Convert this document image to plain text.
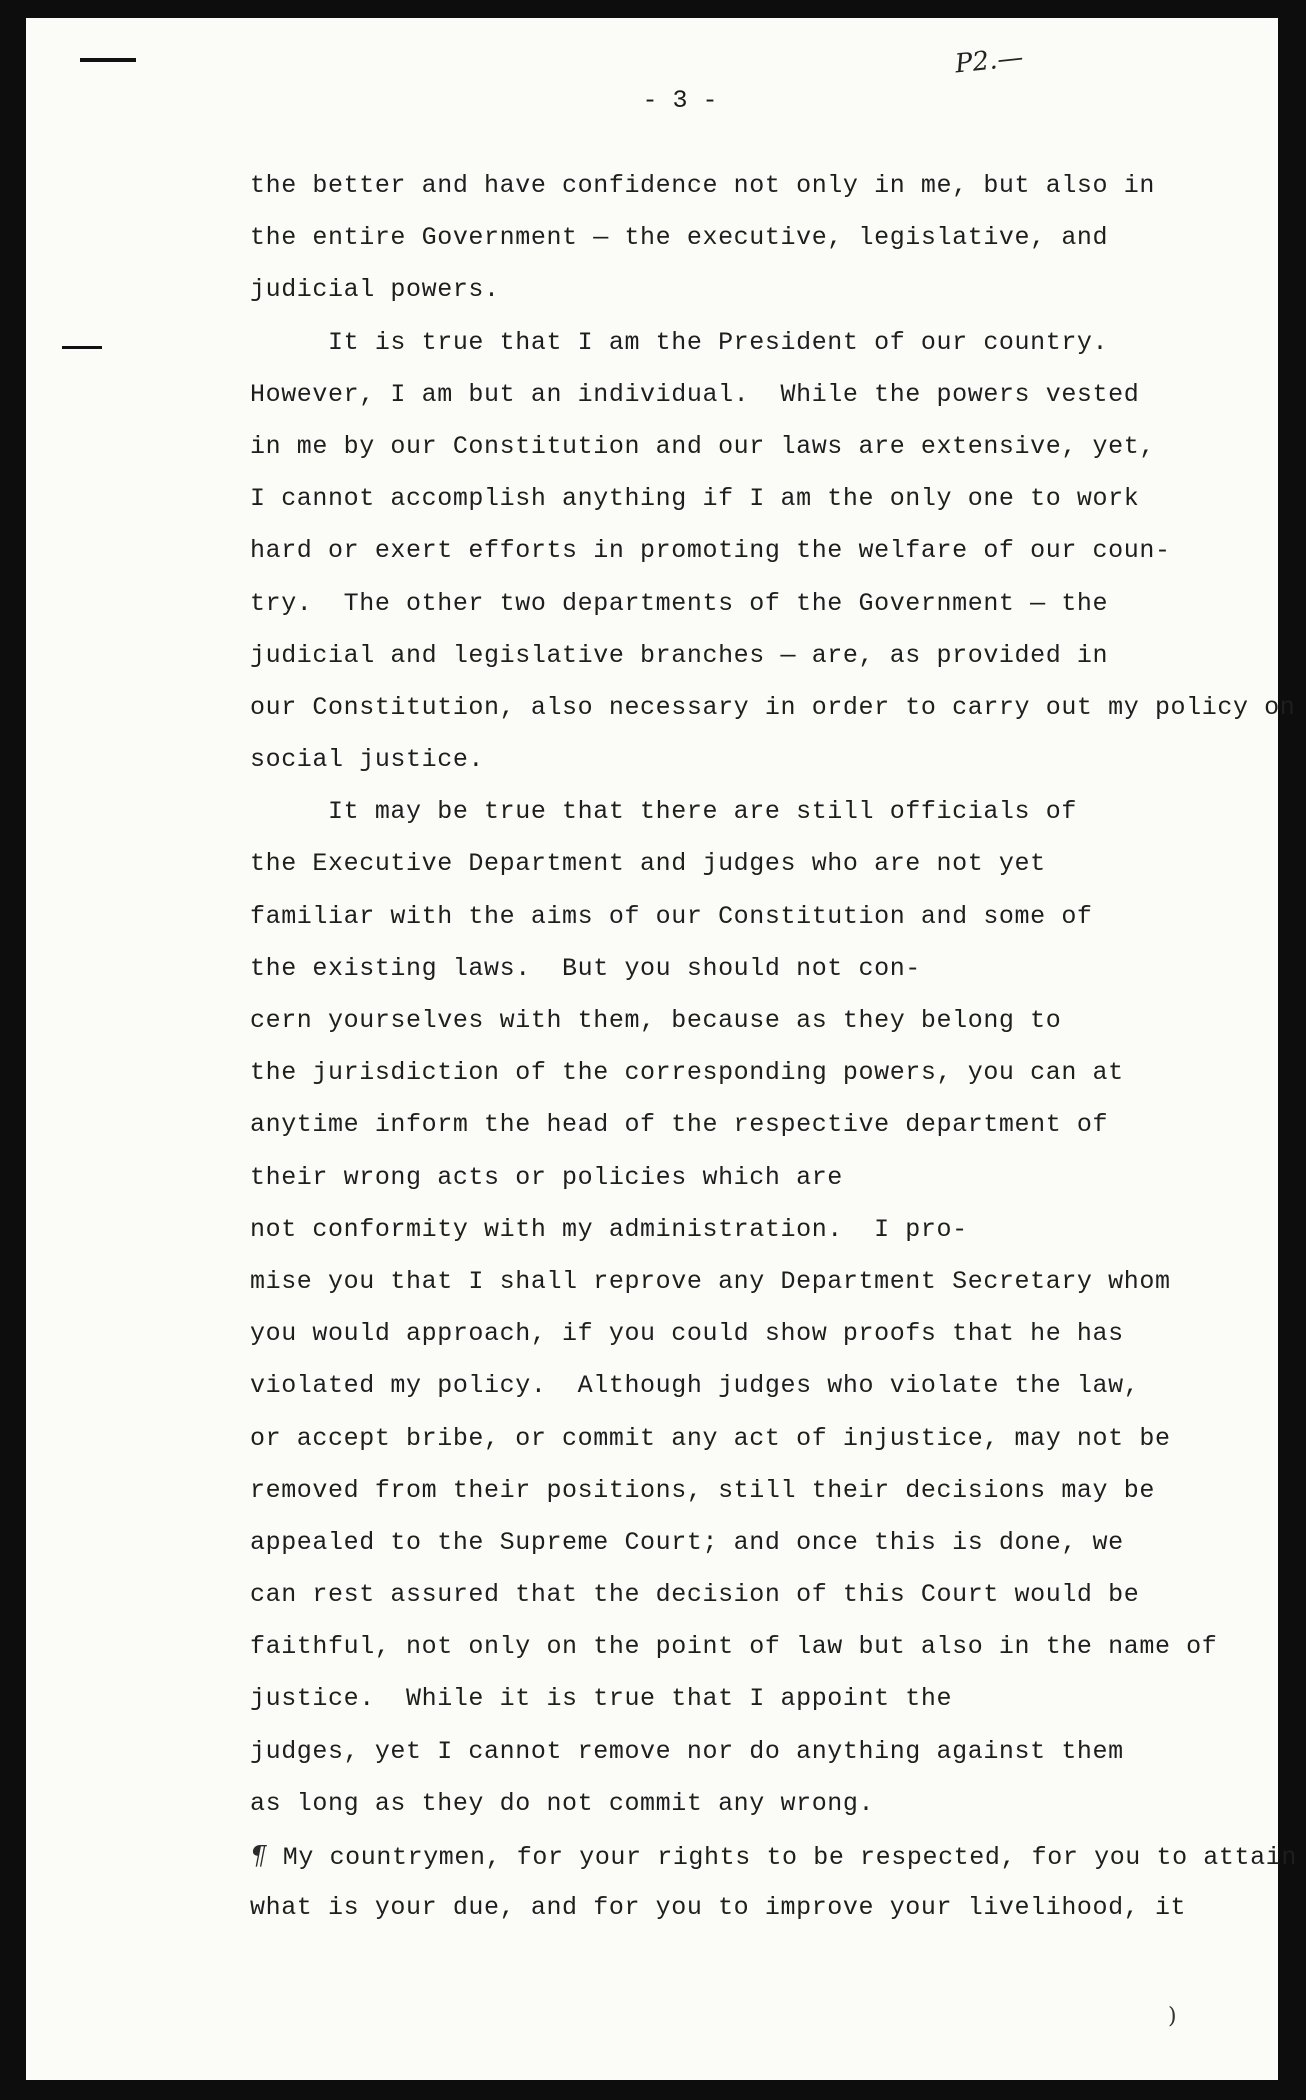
P2.—
- 3 -
the better and have confidence not only in me, but also in
the entire Government — the executive, legislative, and
judicial powers.
It is true that I am the President of our country.
However, I am but an individual.  While the powers vested
in me by our Constitution and our laws are extensive, yet,
I cannot accomplish anything if I am the only one to work
hard or exert efforts in promoting the welfare of our coun-
try.  The other two departments of the Government — the
judicial and legislative branches — are, as provided in
our Constitution, also necessary in order to carry out my policy on
social justice.
It may be true that there are still officials of
the Executive Department and judges who are not yet
familiar with the aims of our Constitution and some of
the existing laws.  But you should not con-
cern yourselves with them, because as they belong to
the jurisdiction of the corresponding powers, you can at
anytime inform the head of the respective department of
their wrong acts or policies which are
not conformity with my administration.  I pro-
mise you that I shall reprove any Department Secretary whom
you would approach, if you could show proofs that he has
violated my policy.  Although judges who violate the law,
or accept bribe, or commit any act of injustice, may not be
removed from their positions, still their decisions may be
appealed to the Supreme Court; and once this is done, we
can rest assured that the decision of this Court would be
faithful, not only on the point of law but also in the name of
justice.  While it is true that I appoint the
judges, yet I cannot remove nor do anything against them
as long as they do not commit any wrong.
¶ My countrymen, for your rights to be respected, for you to attain
what is your due, and for you to improve your livelihood, it
)
